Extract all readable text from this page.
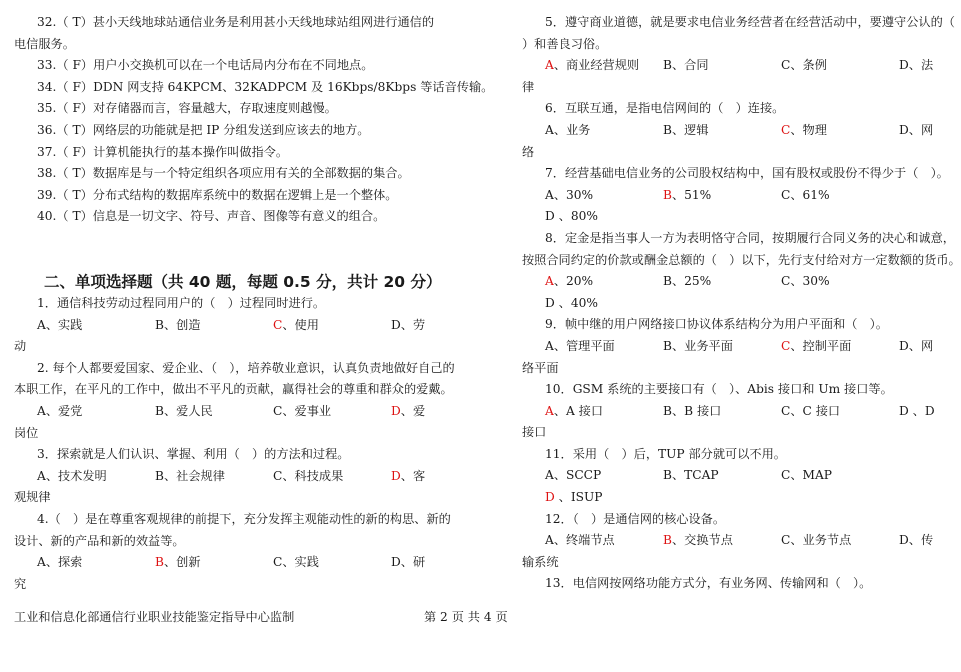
32.（ T）甚小天线地球站通信业务是利用甚小天线地球站组网进行通信的
电信服务。
33.（ F）用户小交换机可以在一个电话局内分布在不同地点。
34.（ F）DDN 网支持 64KPCM、32KADPCM 及 16Kbps/8Kbps 等话音传输。
35.（ F）对存储器而言，容量越大，存取速度则越慢。
36.（ T）网络层的功能就是把 IP 分组发送到应该去的地方。
37.（ F）计算机能执行的基本操作叫做指令。
38.（ T）数据库是与一个特定组织各项应用有关的全部数据的集合。
39.（ T）分布式结构的数据库系统中的数据在逻辑上是一个整体。
40.（ T）信息是一切文字、符号、声音、图像等有意义的组合。
二、单项选择题（共 40 题，每题 0.5 分，共计 20 分）
1．通信科技劳动过程同用户的（　）过程同时进行。
A、实践	B、创造	C、使用	D、劳
动
2. 每个人都要爱国家、爱企业、（　），培养敬业意识，认真负责地做好自己的
本职工作，在平凡的工作中，做出不平凡的贡献，赢得社会的尊重和群众的爱戴。
A、爱党	B、爱人民	C、爱事业	D、爱
岗位
3．探索就是人们认识、掌握、利用（　）的方法和过程。
A、技术发明	B、社会规律	C、科技成果	D、客
观规律
4.（　）是在尊重客观规律的前提下，充分发挥主观能动性的新的构思、新的
设计、新的产品和新的效益等。
A、探索	B、创新	C、实践	D、研
究
5．遵守商业道德，就是要求电信业务经营者在经营活动中，要遵守公认的（
）和善良习俗。
A、商业经营规则 B、合同	C、条例	D、法
律
6．互联互通，是指电信网间的（　）连接。
A、业务	B、逻辑	C、物理	D、网
络
7．经营基础电信业务的公司股权结构中，国有股权或股份不得少于（　）。
A、30%	B、51%	C、61%
D 、80%
8．定金是指当事人一方为表明恪守合同，按期履行合同义务的决心和诚意，
按照合同约定的价款或酬金总额的（　）以下，先行支付给对方一定数额的货币。
A、20%	B、25%	C、30%
D 、40%
9．帧中继的用户网络接口协议体系结构分为用户平面和（　）。
A、管理平面	B、业务平面	C、控制平面	D、网
络平面
10．GSM 系统的主要接口有（　）、Abis 接口和 Um 接口等。
A、A 接口	B、B 接口	C、C 接口	D 、D
接口
11．采用（　）后，TUP 部分就可以不用。
A、SCCP	B、TCAP	C、MAP
D 、ISUP
12．（　）是通信网的核心设备。
A、终端节点	B、交换节点	C、业务节点	D、传
输系统
13．电信网按网络功能方式分，有业务网、传输网和（　）。
工业和信息化部通信行业职业技能鉴定指导中心监制	第 2 页 共 4 页
